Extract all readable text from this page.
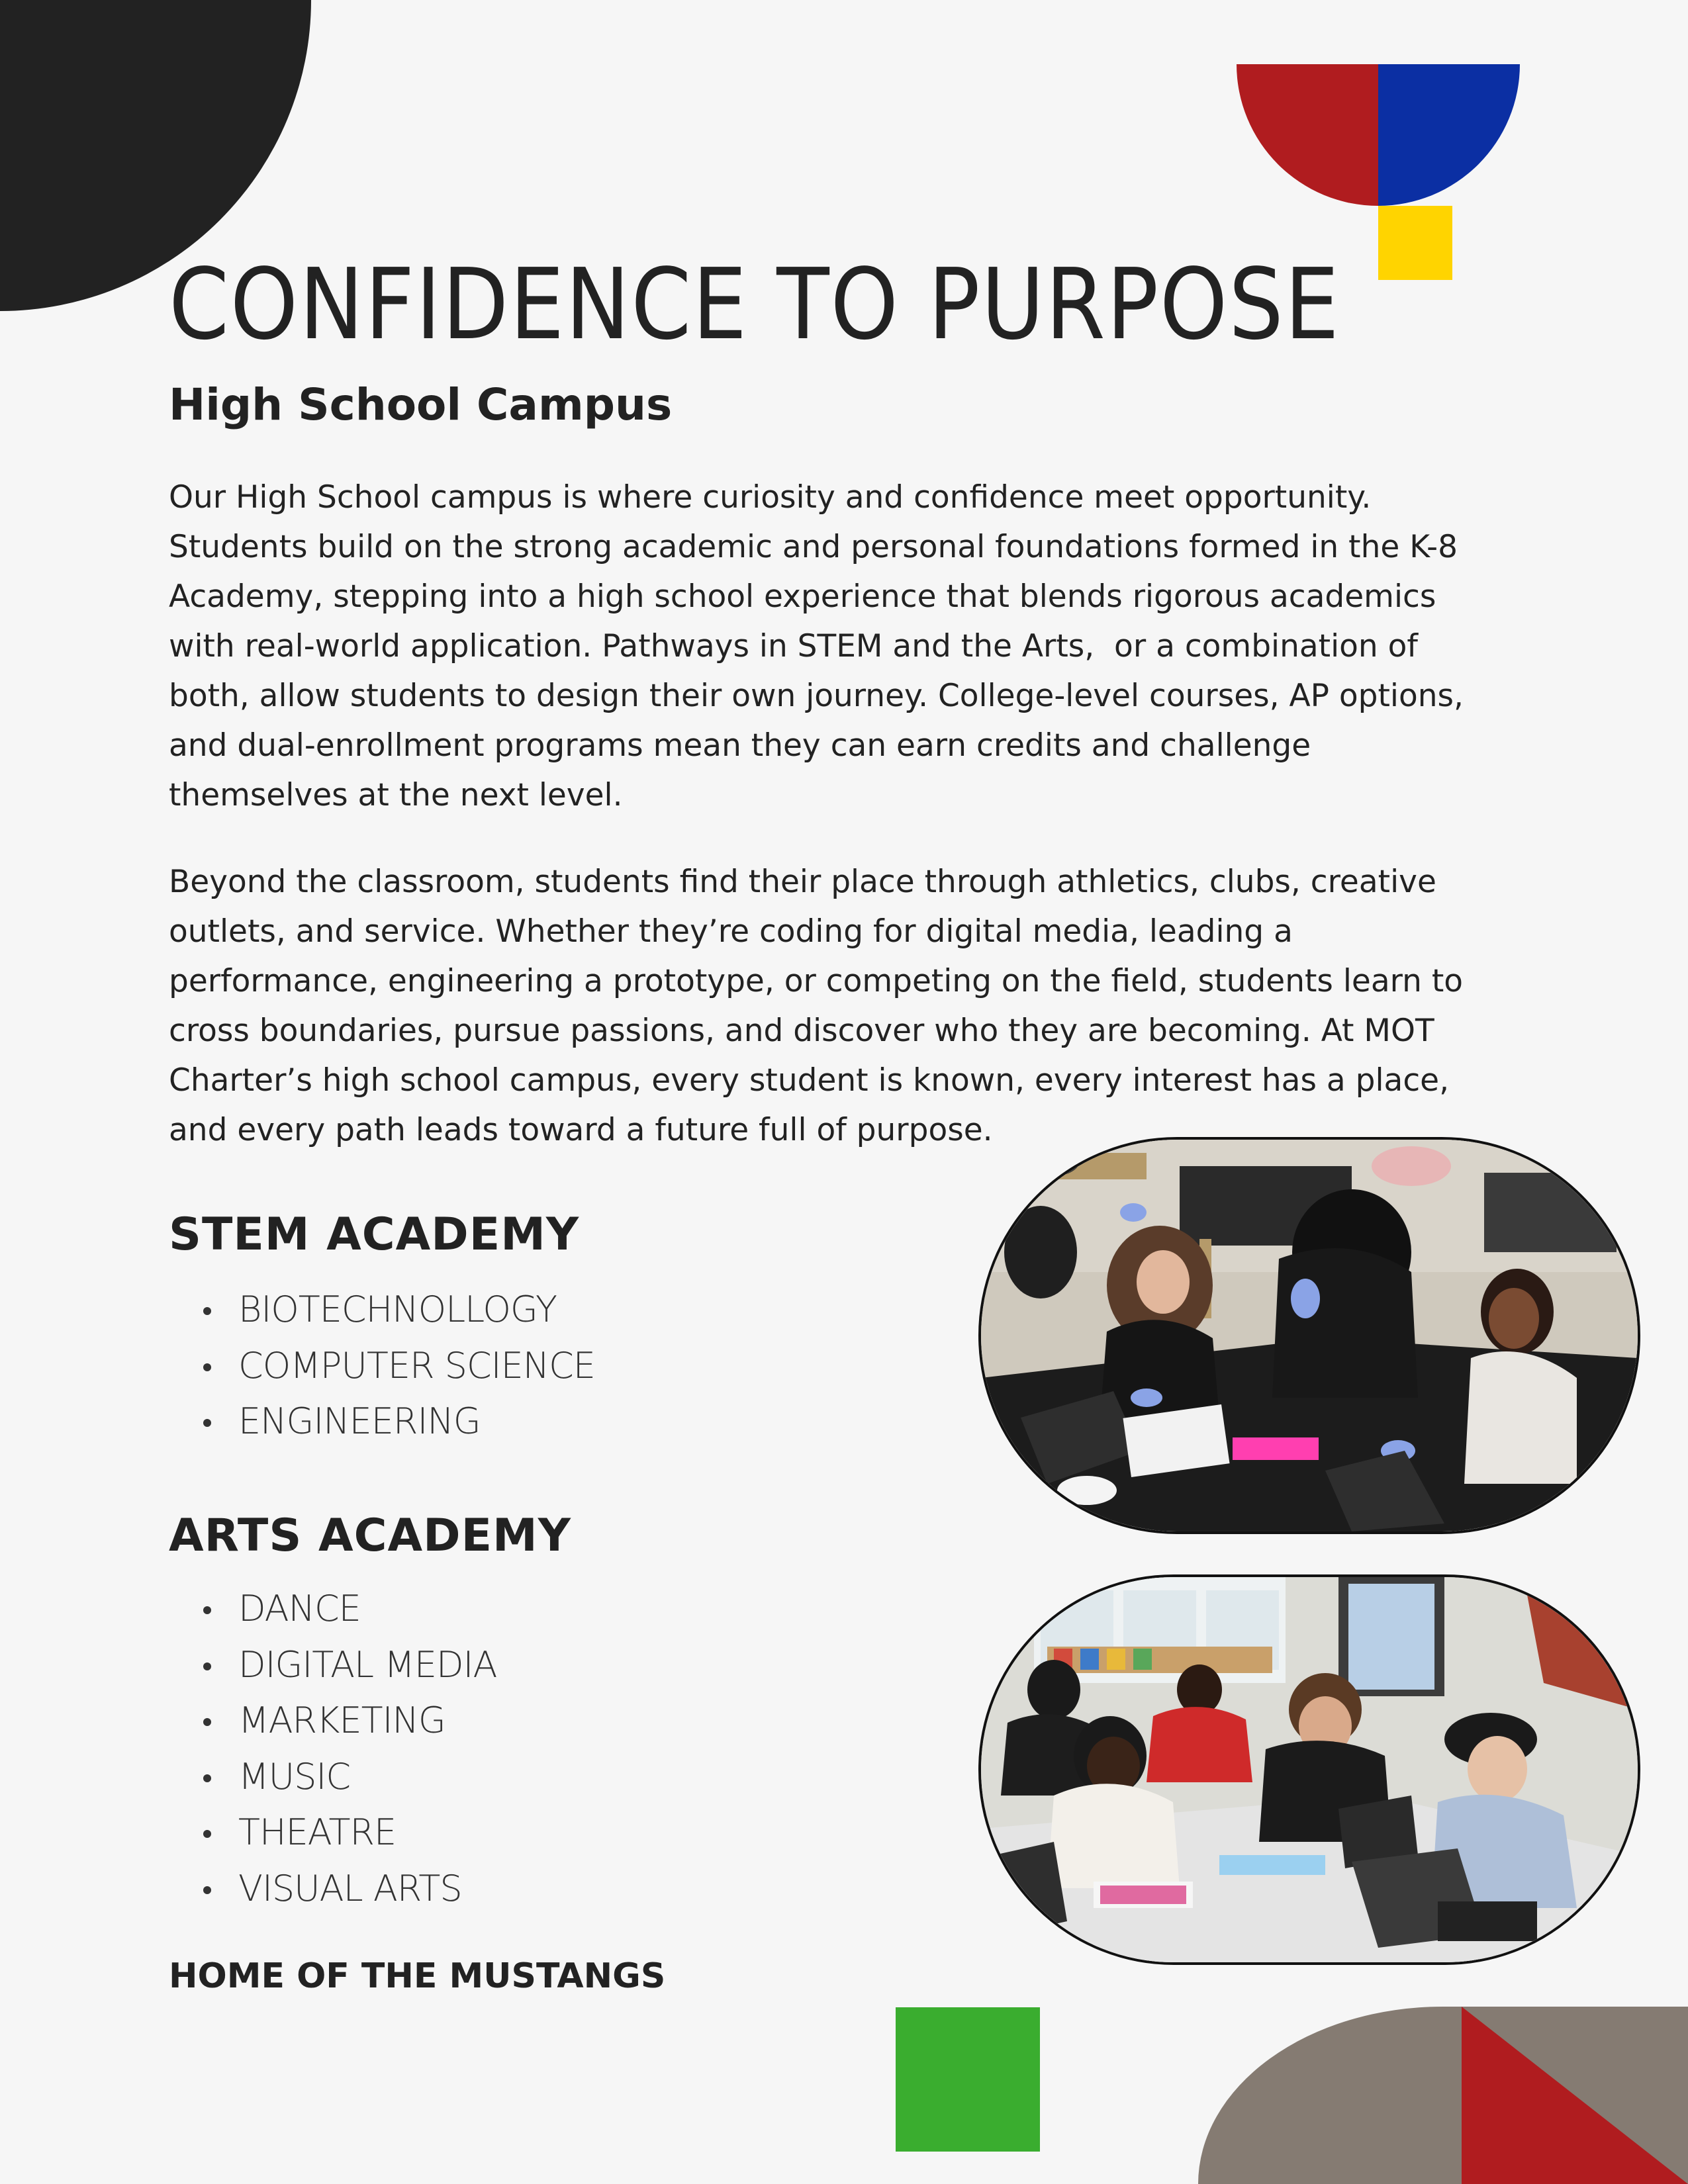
CONFIDENCE TO PURPOSE
High School Campus
Our High School campus is where curiosity and confidence meet opportunity.
Students build on the strong academic and personal foundations formed in the K-8
Academy, stepping into a high school experience that blends rigorous academics
with real-world application. Pathways in STEM and the Arts,  or a combination of
both, allow students to design their own journey. College-level courses, AP options,
and dual-enrollment programs mean they can earn credits and challenge
themselves at the next level.
Beyond the classroom, students find their place through athletics, clubs, creative
outlets, and service. Whether they’re coding for digital media, leading a
performance, engineering a prototype, or competing on the field, students learn to
cross boundaries, pursue passions, and discover who they are becoming. At MOT
Charter’s high school campus, every student is known, every interest has a place,
and every path leads toward a future full of purpose.
STEM ACADEMY
BIOTECHNOLLOGY
COMPUTER SCIENCE
ENGINEERING
ARTS ACADEMY
DANCE
DIGITAL MEDIA
MARKETING
MUSIC
THEATRE
VISUAL ARTS
HOME OF THE MUSTANGS
